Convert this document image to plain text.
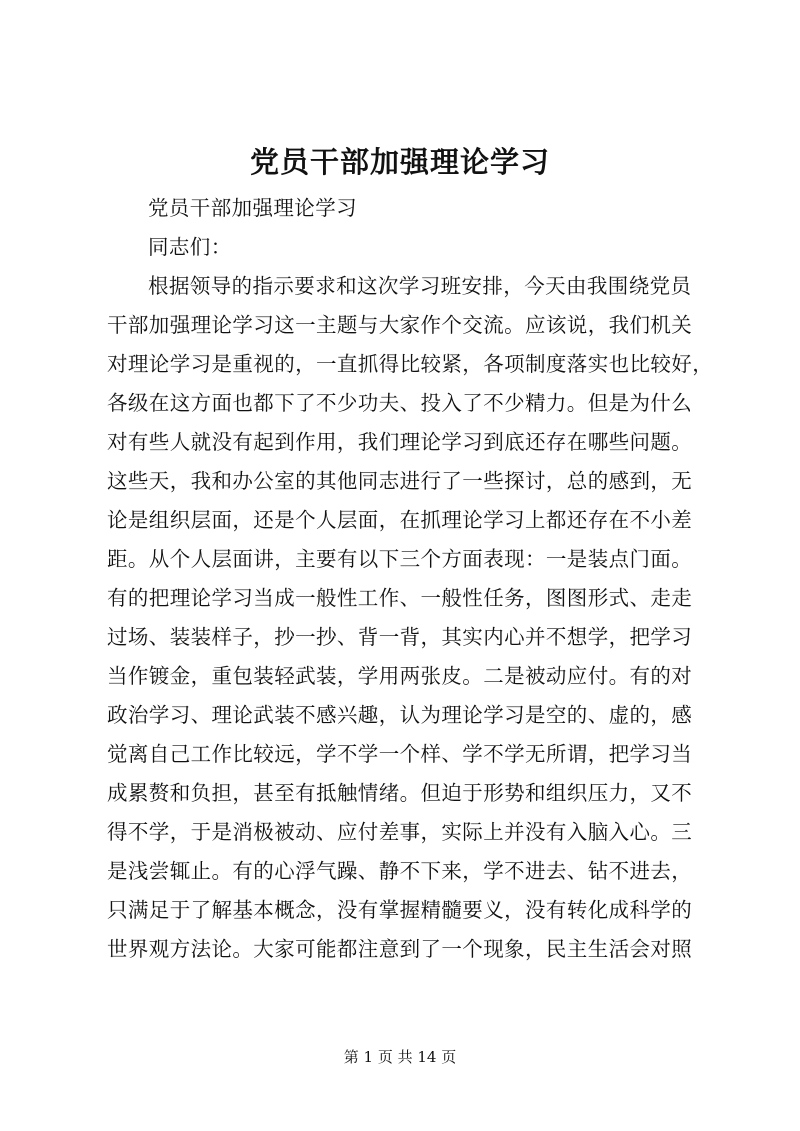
党员干部加强理论学习
党员干部加强理论学习
同志们：
根据领导的指示要求和这次学习班安排，今天由我围绕党员
干部加强理论学习这一主题与大家作个交流。应该说，我们机关
对理论学习是重视的，一直抓得比较紧，各项制度落实也比较好，
各级在这方面也都下了不少功夫、投入了不少精力。但是为什么
对有些人就没有起到作用，我们理论学习到底还存在哪些问题。
这些天，我和办公室的其他同志进行了一些探讨，总的感到，无
论是组织层面，还是个人层面，在抓理论学习上都还存在不小差
距。从个人层面讲，主要有以下三个方面表现：一是装点门面。
有的把理论学习当成一般性工作、一般性任务，图图形式、走走
过场、装装样子，抄一抄、背一背，其实内心并不想学，把学习
当作镀金，重包装轻武装，学用两张皮。二是被动应付。有的对
政治学习、理论武装不感兴趣，认为理论学习是空的、虚的，感
觉离自己工作比较远，学不学一个样、学不学无所谓，把学习当
成累赘和负担，甚至有抵触情绪。但迫于形势和组织压力，又不
得不学，于是消极被动、应付差事，实际上并没有入脑入心。三
是浅尝辄止。有的心浮气躁、静不下来，学不进去、钻不进去，
只满足于了解基本概念，没有掌握精髓要义，没有转化成科学的
世界观方法论。大家可能都注意到了一个现象，民主生活会对照
第 1 页 共 14 页
